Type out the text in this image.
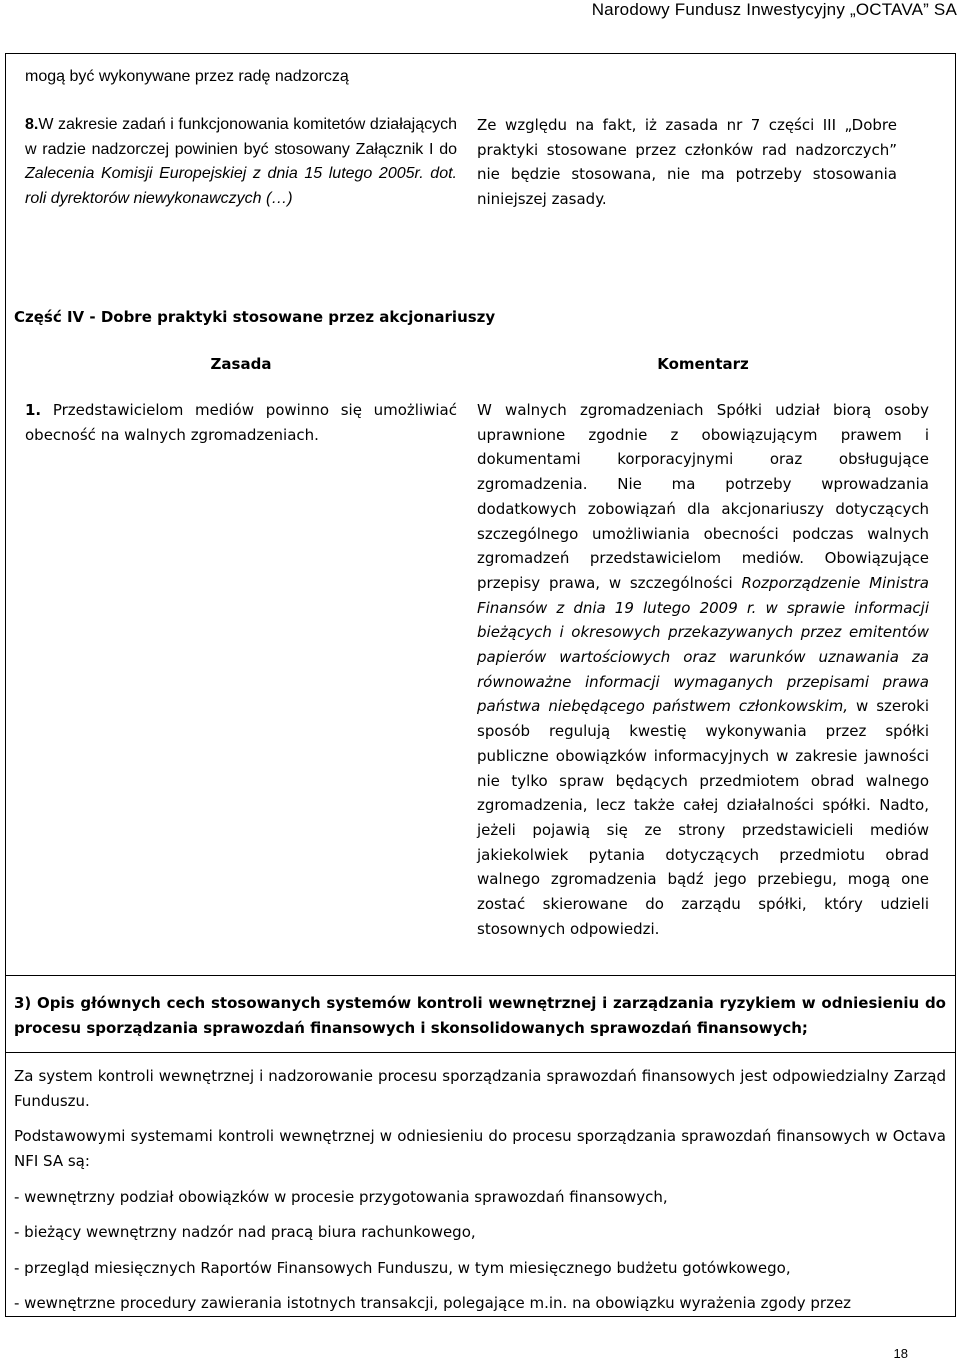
Narodowy Fundusz Inwestycyjny „OCTAVA” SA
mogą być wykonywane przez radę nadzorczą
8.W zakresie zadań i funkcjonowania komitetów działających w radzie nadzorczej powinien być stosowany Załącznik I do Zalecenia Komisji Europejskiej z dnia 15 lutego 2005r. dot. roli dyrektorów niewykonawczych (…)
Ze względu na fakt, iż zasada nr 7 części III „Dobre praktyki stosowane przez członków rad nadzorczych” nie będzie stosowana, nie ma potrzeby stosowania niniejszej zasady.
Część IV - Dobre praktyki stosowane przez akcjonariuszy
Zasada	Komentarz
1. Przedstawicielom mediów powinno się umożliwiać obecność na walnych zgromadzeniach.
W walnych zgromadzeniach Spółki udział biorą osoby uprawnione zgodnie z obowiązującym prawem i dokumentami korporacyjnymi oraz obsługujące zgromadzenia. Nie ma potrzeby wprowadzania dodatkowych zobowiązań dla akcjonariuszy dotyczących szczególnego umożliwiania obecności podczas walnych zgromadzeń przedstawicielom mediów. Obowiązujące przepisy prawa, w szczególności Rozporządzenie Ministra Finansów z dnia 19 lutego 2009 r. w sprawie informacji bieżących i okresowych przekazywanych przez emitentów papierów wartościowych oraz warunków uznawania za równoważne informacji wymaganych przepisami prawa państwa niebędącego państwem członkowskim, w szeroki sposób regulują kwestię wykonywania przez spółki publiczne obowiązków informacyjnych w zakresie jawności nie tylko spraw będących przedmiotem obrad walnego zgromadzenia, lecz także całej działalności spółki. Nadto, jeżeli pojawią się ze strony przedstawicieli mediów jakiekolwiek pytania dotyczących przedmiotu obrad walnego zgromadzenia bądź jego przebiegu, mogą one zostać skierowane do zarządu spółki, który udzieli stosownych odpowiedzi.
3) Opis głównych cech stosowanych systemów kontroli wewnętrznej i zarządzania ryzykiem w odniesieniu do procesu sporządzania sprawozdań finansowych i skonsolidowanych sprawozdań finansowych;
Za system kontroli wewnętrznej i nadzorowanie procesu sporządzania sprawozdań finansowych jest odpowiedzialny Zarząd Funduszu.
Podstawowymi systemami kontroli wewnętrznej w odniesieniu do procesu sporządzania sprawozdań finansowych w Octava NFI SA są:
- wewnętrzny podział obowiązków w procesie przygotowania sprawozdań finansowych,
- bieżący wewnętrzny nadzór nad pracą biura rachunkowego,
- przegląd miesięcznych Raportów Finansowych Funduszu, w tym miesięcznego budżetu gotówkowego,
- wewnętrzne procedury zawierania istotnych transakcji, polegające m.in. na obowiązku wyrażenia zgody przez
18
